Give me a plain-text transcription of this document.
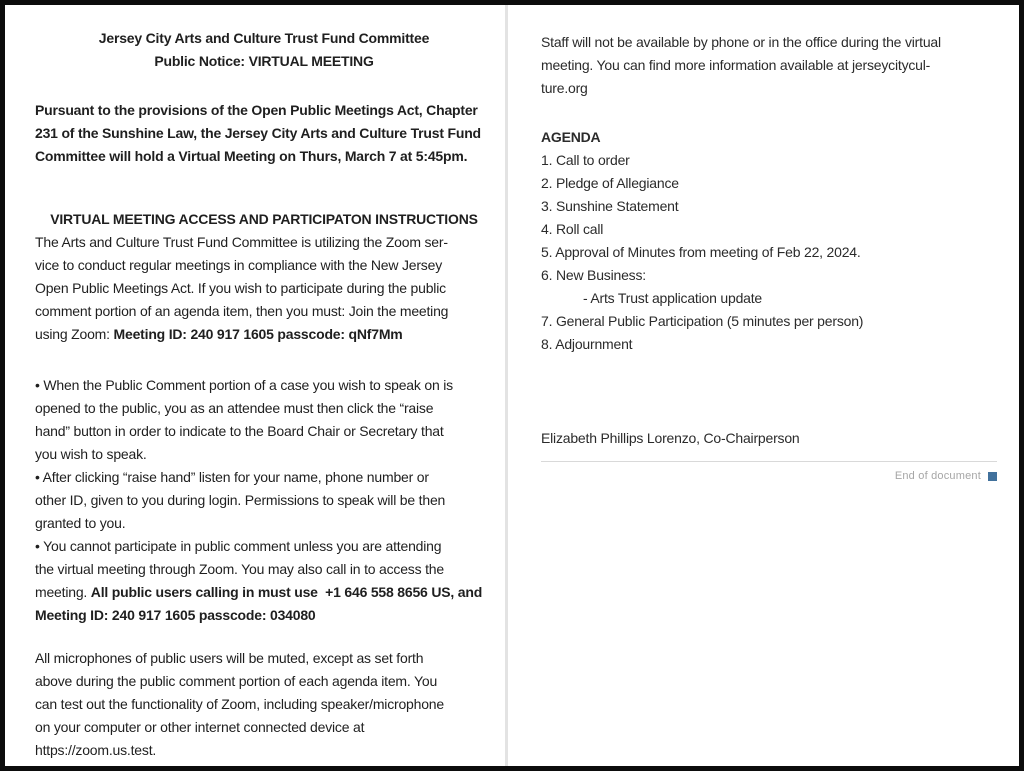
Jersey City Arts and Culture Trust Fund Committee
Public Notice: VIRTUAL MEETING
Pursuant to the provisions of the Open Public Meetings Act, Chapter
231 of the Sunshine Law, the Jersey City Arts and Culture Trust Fund
Committee will hold a Virtual Meeting on Thurs, March 7 at 5:45pm.
VIRTUAL MEETING ACCESS AND PARTICIPATON INSTRUCTIONS
The Arts and Culture Trust Fund Committee is utilizing the Zoom ser-
vice to conduct regular meetings in compliance with the New Jersey
Open Public Meetings Act. If you wish to participate during the public
comment portion of an agenda item, then you must: Join the meeting
using Zoom: Meeting ID: 240 917 1605 passcode: qNf7Mm
• When the Public Comment portion of a case you wish to speak on is
opened to the public, you as an attendee must then click the “raise
hand” button in order to indicate to the Board Chair or Secretary that
you wish to speak.
• After clicking “raise hand” listen for your name, phone number or
other ID, given to you during login. Permissions to speak will be then
granted to you.
• You cannot participate in public comment unless you are attending
the virtual meeting through Zoom. You may also call in to access the
meeting. All public users calling in must use  +1 646 558 8656 US, and
Meeting ID: 240 917 1605 passcode: 034080
All microphones of public users will be muted, except as set forth
above during the public comment portion of each agenda item. You
can test out the functionality of Zoom, including speaker/microphone
on your computer or other internet connected device at
https://zoom.us.test.
Staff will not be available by phone or in the office during the virtual
meeting. You can find more information available at jerseycitycul-
ture.org
AGENDA
1. Call to order
2. Pledge of Allegiance
3. Sunshine Statement
4. Roll call
5. Approval of Minutes from meeting of Feb 22, 2024.
6. New Business:
- Arts Trust application update
7. General Public Participation (5 minutes per person)
8. Adjournment
Elizabeth Phillips Lorenzo, Co-Chairperson
End of document
